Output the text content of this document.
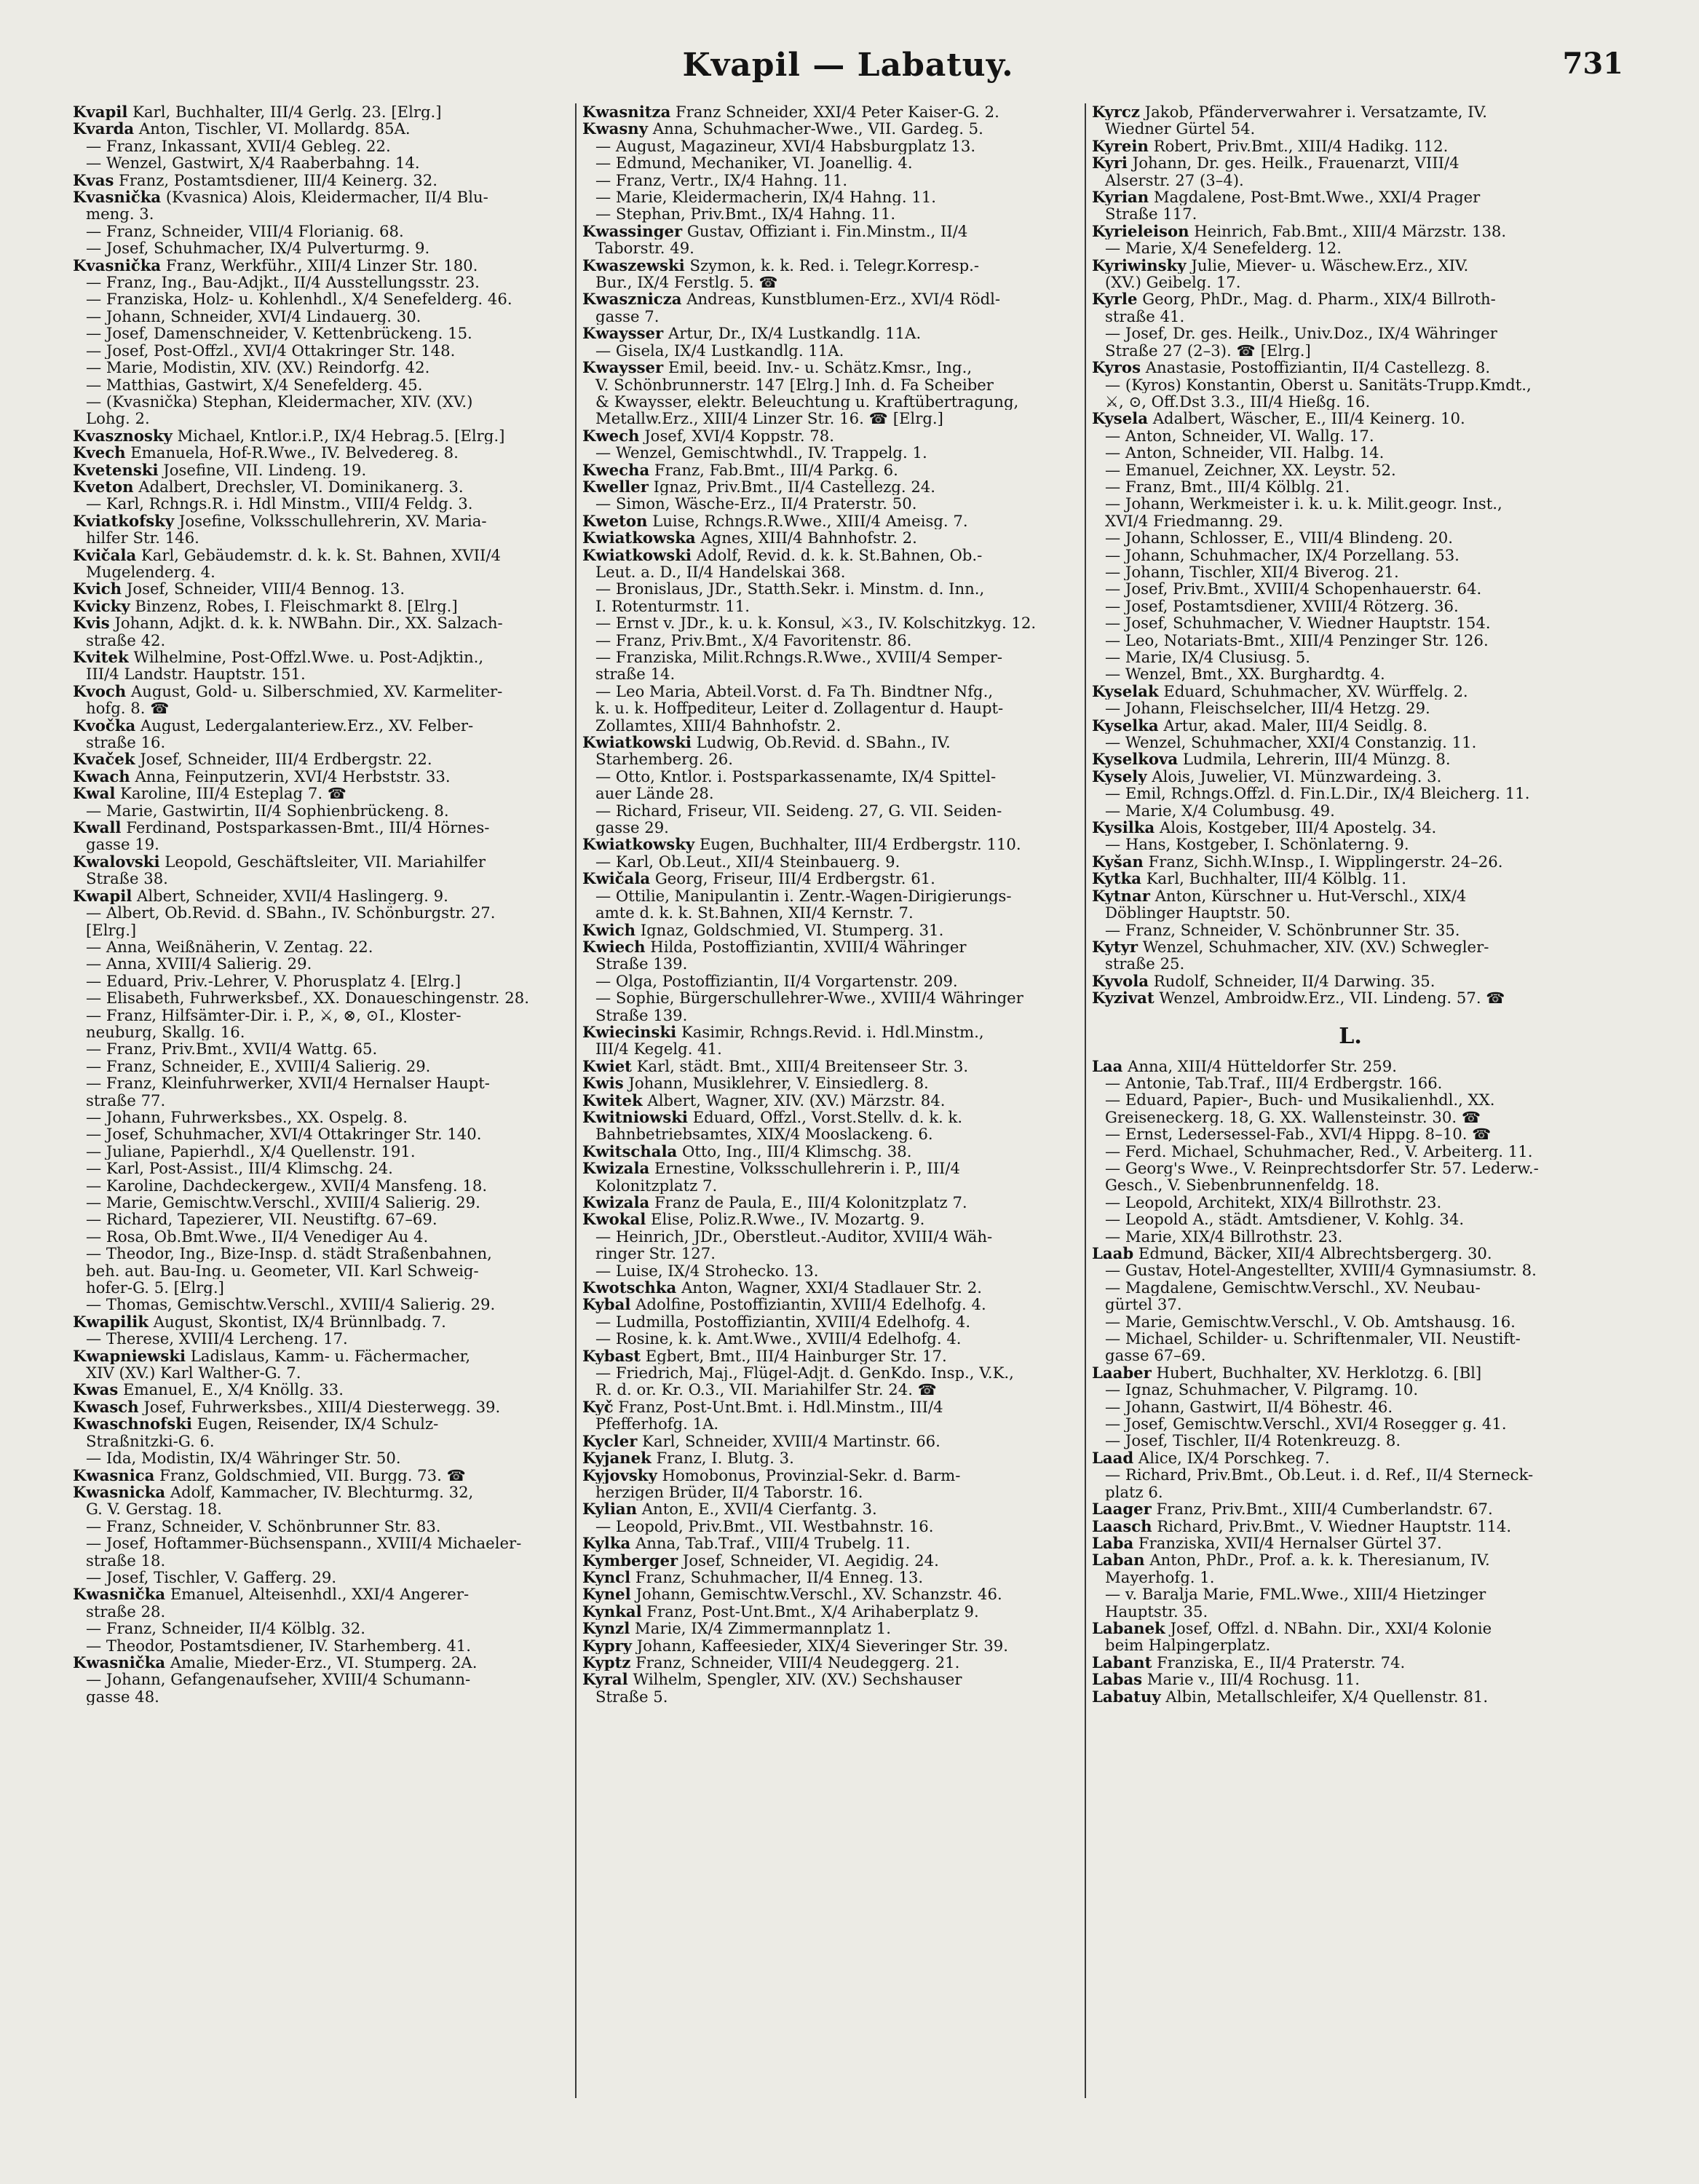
Kvapil — Labatuy.	731
Kvapil Karl, Buchhalter, III/4 Gerlg. 23. [Elrg.]
Kvarda Anton, Tischler, VI. Mollardg. 85A.
— Franz, Inkassant, XVII/4 Gebleg. 22.
— Wenzel, Gastwirt, X/4 Raaberbahng. 14.
Kvas Franz, Postamtsdiener, III/4 Keinerg. 32.
Kvasnička (Kvasnica) Alois, Kleidermacher, II/4 Blu-
meng. 3.
— Franz, Schneider, VIII/4 Florianig. 68.
— Josef, Schuhmacher, IX/4 Pulverturmg. 9.
Kvasnička Franz, Werkführ., XIII/4 Linzer Str. 180.
— Franz, Ing., Bau-Adjkt., II/4 Ausstellungsstr. 23.
— Franziska, Holz- u. Kohlenhdl., X/4 Senefelderg. 46.
— Johann, Schneider, XVI/4 Lindauerg. 30.
— Josef, Damenschneider, V. Kettenbrückeng. 15.
— Josef, Post-Offzl., XVI/4 Ottakringer Str. 148.
— Marie, Modistin, XIV. (XV.) Reindorfg. 42.
— Matthias, Gastwirt, X/4 Senefelderg. 45.
— (Kvasnička) Stephan, Kleidermacher, XIV. (XV.)
Lohg. 2.
Kvasznosky Michael, Kntlor.i.P., IX/4 Hebrag.5. [Elrg.]
Kvech Emanuela, Hof-R.Wwe., IV. Belvedereg. 8.
Kvetenski Josefine, VII. Lindeng. 19.
Kveton Adalbert, Drechsler, VI. Dominikanerg. 3.
— Karl, Rchngs.R. i. Hdl Minstm., VIII/4 Feldg. 3.
Kviatkofsky Josefine, Volksschullehrerin, XV. Maria-
hilfer Str. 146.
Kvičala Karl, Gebäudemstr. d. k. k. St. Bahnen, XVII/4
Mugelenderg. 4.
Kvich Josef, Schneider, VIII/4 Bennog. 13.
Kvicky Binzenz, Robes, I. Fleischmarkt 8. [Elrg.]
Kvis Johann, Adjkt. d. k. k. NWBahn. Dir., XX. Salzach-
straße 42.
Kvitek Wilhelmine, Post-Offzl.Wwe. u. Post-Adjktin.,
III/4 Landstr. Hauptstr. 151.
Kvoch August, Gold- u. Silberschmied, XV. Karmeliter-
hofg. 8. ☎
Kvočka August, Ledergalanteriew.Erz., XV. Felber-
straße 16.
Kvaček Josef, Schneider, III/4 Erdbergstr. 22.
Kwach Anna, Feinputzerin, XVI/4 Herbststr. 33.
Kwal Karoline, III/4 Esteplag 7. ☎
— Marie, Gastwirtin, II/4 Sophienbrückeng. 8.
Kwall Ferdinand, Postsparkassen-Bmt., III/4 Hörnes-
gasse 19.
Kwalovski Leopold, Geschäftsleiter, VII. Mariahilfer
Straße 38.
Kwapil Albert, Schneider, XVII/4 Haslingerg. 9.
— Albert, Ob.Revid. d. SBahn., IV. Schönburgstr. 27.
[Elrg.]
— Anna, Weißnäherin, V. Zentag. 22.
— Anna, XVIII/4 Salierig. 29.
— Eduard, Priv.-Lehrer, V. Phorusplatz 4. [Elrg.]
— Elisabeth, Fuhrwerksbef., XX. Donaueschingenstr. 28.
— Franz, Hilfsämter-Dir. i. P., ⚔, ⊗, ⊙I., Kloster-
neuburg, Skallg. 16.
— Franz, Priv.Bmt., XVII/4 Wattg. 65.
— Franz, Schneider, E., XVIII/4 Salierig. 29.
— Franz, Kleinfuhrwerker, XVII/4 Hernalser Haupt-
straße 77.
— Johann, Fuhrwerksbes., XX. Ospelg. 8.
— Josef, Schuhmacher, XVI/4 Ottakringer Str. 140.
— Juliane, Papierhdl., X/4 Quellenstr. 191.
— Karl, Post-Assist., III/4 Klimschg. 24.
— Karoline, Dachdeckergew., XVII/4 Mansfeng. 18.
— Marie, Gemischtw.Verschl., XVIII/4 Salierig. 29.
— Richard, Tapezierer, VII. Neustiftg. 67–69.
— Rosa, Ob.Bmt.Wwe., II/4 Venediger Au 4.
— Theodor, Ing., Bize-Insp. d. städt Straßenbahnen,
beh. aut. Bau-Ing. u. Geometer, VII. Karl Schweig-
hofer-G. 5. [Elrg.]
— Thomas, Gemischtw.Verschl., XVIII/4 Salierig. 29.
Kwapilik August, Skontist, IX/4 Brünnlbadg. 7.
— Therese, XVIII/4 Lercheng. 17.
Kwapniewski Ladislaus, Kamm- u. Fächermacher,
XIV (XV.) Karl Walther-G. 7.
Kwas Emanuel, E., X/4 Knöllg. 33.
Kwasch Josef, Fuhrwerksbes., XIII/4 Diesterwegg. 39.
Kwaschnofski Eugen, Reisender, IX/4 Schulz-
Straßnitzki-G. 6.
— Ida, Modistin, IX/4 Währinger Str. 50.
Kwasnica Franz, Goldschmied, VII. Burgg. 73. ☎
Kwasnicka Adolf, Kammacher, IV. Blechturmg. 32,
G. V. Gerstag. 18.
— Franz, Schneider, V. Schönbrunner Str. 83.
— Josef, Hoftammer-Büchsenspann., XVIII/4 Michaeler-
straße 18.
— Josef, Tischler, V. Gafferg. 29.
Kwasnička Emanuel, Alteisenhdl., XXI/4 Angerer-
straße 28.
— Franz, Schneider, II/4 Kölblg. 32.
— Theodor, Postamtsdiener, IV. Starhemberg. 41.
Kwasnička Amalie, Mieder-Erz., VI. Stumperg. 2A.
— Johann, Gefangenaufseher, XVIII/4 Schumann-
gasse 48.
Kwasnitza Franz Schneider, XXI/4 Peter Kaiser-G. 2.
Kwasny Anna, Schuhmacher-Wwe., VII. Gardeg. 5.
— August, Magazineur, XVI/4 Habsburgplatz 13.
— Edmund, Mechaniker, VI. Joanellig. 4.
— Franz, Vertr., IX/4 Hahng. 11.
— Marie, Kleidermacherin, IX/4 Hahng. 11.
— Stephan, Priv.Bmt., IX/4 Hahng. 11.
Kwassinger Gustav, Offiziant i. Fin.Minstm., II/4
Taborstr. 49.
Kwaszewski Szymon, k. k. Red. i. Telegr.Korresp.-
Bur., IX/4 Ferstlg. 5. ☎
Kwasznicza Andreas, Kunstblumen-Erz., XVI/4 Rödl-
gasse 7.
Kwaysser Artur, Dr., IX/4 Lustkandlg. 11A.
— Gisela, IX/4 Lustkandlg. 11A.
Kwaysser Emil, beeid. Inv.- u. Schätz.Kmsr., Ing.,
V. Schönbrunnerstr. 147 [Elrg.] Inh. d. Fa Scheiber
& Kwaysser, elektr. Beleuchtung u. Kraftübertragung,
Metallw.Erz., XIII/4 Linzer Str. 16. ☎ [Elrg.]
Kwech Josef, XVI/4 Koppstr. 78.
— Wenzel, Gemischtwhdl., IV. Trappelg. 1.
Kwecha Franz, Fab.Bmt., III/4 Parkg. 6.
Kweller Ignaz, Priv.Bmt., II/4 Castellezg. 24.
— Simon, Wäsche-Erz., II/4 Praterstr. 50.
Kweton Luise, Rchngs.R.Wwe., XIII/4 Ameisg. 7.
Kwiatkowska Agnes, XIII/4 Bahnhofstr. 2.
Kwiatkowski Adolf, Revid. d. k. k. St.Bahnen, Ob.-
Leut. a. D., II/4 Handelskai 368.
— Bronislaus, JDr., Statth.Sekr. i. Minstm. d. Inn.,
I. Rotenturmstr. 11.
— Ernst v. JDr., k. u. k. Konsul, ⚔3., IV. Kolschitzkyg. 12.
— Franz, Priv.Bmt., X/4 Favoritenstr. 86.
— Franziska, Milit.Rchngs.R.Wwe., XVIII/4 Semper-
straße 14.
— Leo Maria, Abteil.Vorst. d. Fa Th. Bindtner Nfg.,
k. u. k. Hoffpediteur, Leiter d. Zollagentur d. Haupt-
Zollamtes, XIII/4 Bahnhofstr. 2.
Kwiatkowski Ludwig, Ob.Revid. d. SBahn., IV.
Starhemberg. 26.
— Otto, Kntlor. i. Postsparkassenamte, IX/4 Spittel-
auer Lände 28.
— Richard, Friseur, VII. Seideng. 27, G. VII. Seiden-
gasse 29.
Kwiatkowsky Eugen, Buchhalter, III/4 Erdbergstr. 110.
— Karl, Ob.Leut., XII/4 Steinbauerg. 9.
Kwičala Georg, Friseur, III/4 Erdbergstr. 61.
— Ottilie, Manipulantin i. Zentr.-Wagen-Dirigierungs-
amte d. k. k. St.Bahnen, XII/4 Kernstr. 7.
Kwich Ignaz, Goldschmied, VI. Stumperg. 31.
Kwiech Hilda, Postoffiziantin, XVIII/4 Währinger
Straße 139.
— Olga, Postoffiziantin, II/4 Vorgartenstr. 209.
— Sophie, Bürgerschullehrer-Wwe., XVIII/4 Währinger
Straße 139.
Kwiecinski Kasimir, Rchngs.Revid. i. Hdl.Minstm.,
III/4 Kegelg. 41.
Kwiet Karl, städt. Bmt., XIII/4 Breitenseer Str. 3.
Kwis Johann, Musiklehrer, V. Einsiedlerg. 8.
Kwitek Albert, Wagner, XIV. (XV.) Märzstr. 84.
Kwitniowski Eduard, Offzl., Vorst.Stellv. d. k. k.
Bahnbetriebsamtes, XIX/4 Mooslackeng. 6.
Kwitschala Otto, Ing., III/4 Klimschg. 38.
Kwizala Ernestine, Volksschullehrerin i. P., III/4
Kolonitzplatz 7.
Kwizala Franz de Paula, E., III/4 Kolonitzplatz 7.
Kwokal Elise, Poliz.R.Wwe., IV. Mozartg. 9.
— Heinrich, JDr., Oberstleut.-Auditor, XVIII/4 Wäh-
ringer Str. 127.
— Luise, IX/4 Strohecko. 13.
Kwotschka Anton, Wagner, XXI/4 Stadlauer Str. 2.
Kybal Adolfine, Postoffiziantin, XVIII/4 Edelhofg. 4.
— Ludmilla, Postoffiziantin, XVIII/4 Edelhofg. 4.
— Rosine, k. k. Amt.Wwe., XVIII/4 Edelhofg. 4.
Kybast Egbert, Bmt., III/4 Hainburger Str. 17.
— Friedrich, Maj., Flügel-Adjt. d. GenKdo. Insp., V.K.,
R. d. or. Kr. O.3., VII. Mariahilfer Str. 24. ☎
Kyč Franz, Post-Unt.Bmt. i. Hdl.Minstm., III/4
Pfefferhofg. 1A.
Kycler Karl, Schneider, XVIII/4 Martinstr. 66.
Kyjanek Franz, I. Blutg. 3.
Kyjovsky Homobonus, Provinzial-Sekr. d. Barm-
herzigen Brüder, II/4 Taborstr. 16.
Kylian Anton, E., XVII/4 Cierfantg. 3.
— Leopold, Priv.Bmt., VII. Westbahnstr. 16.
Kylka Anna, Tab.Traf., VIII/4 Trubelg. 11.
Kymberger Josef, Schneider, VI. Aegidig. 24.
Kyncl Franz, Schuhmacher, II/4 Enneg. 13.
Kynel Johann, Gemischtw.Verschl., XV. Schanzstr. 46.
Kynkal Franz, Post-Unt.Bmt., X/4 Arihaberplatz 9.
Kynzl Marie, IX/4 Zimmermannplatz 1.
Kypry Johann, Kaffeesieder, XIX/4 Sieveringer Str. 39.
Kyptz Franz, Schneider, VIII/4 Neudeggerg. 21.
Kyral Wilhelm, Spengler, XIV. (XV.) Sechshauser
Straße 5.
Kyrcz Jakob, Pfänderverwahrer i. Versatzamte, IV.
Wiedner Gürtel 54.
Kyrein Robert, Priv.Bmt., XIII/4 Hadikg. 112.
Kyri Johann, Dr. ges. Heilk., Frauenarzt, VIII/4
Alserstr. 27 (3–4).
Kyrian Magdalene, Post-Bmt.Wwe., XXI/4 Prager
Straße 117.
Kyrieleison Heinrich, Fab.Bmt., XIII/4 Märzstr. 138.
— Marie, X/4 Senefelderg. 12.
Kyriwinsky Julie, Miever- u. Wäschew.Erz., XIV.
(XV.) Geibelg. 17.
Kyrle Georg, PhDr., Mag. d. Pharm., XIX/4 Billroth-
straße 41.
— Josef, Dr. ges. Heilk., Univ.Doz., IX/4 Währinger
Straße 27 (2–3). ☎ [Elrg.]
Kyros Anastasie, Postoffiziantin, II/4 Castellezg. 8.
— (Kyros) Konstantin, Oberst u. Sanitäts-Trupp.Kmdt.,
⚔, ⊙, Off.Dst 3.3., III/4 Hießg. 16.
Kysela Adalbert, Wäscher, E., III/4 Keinerg. 10.
— Anton, Schneider, VI. Wallg. 17.
— Anton, Schneider, VII. Halbg. 14.
— Emanuel, Zeichner, XX. Leystr. 52.
— Franz, Bmt., III/4 Kölblg. 21.
— Johann, Werkmeister i. k. u. k. Milit.geogr. Inst.,
XVI/4 Friedmanng. 29.
— Johann, Schlosser, E., VIII/4 Blindeng. 20.
— Johann, Schuhmacher, IX/4 Porzellang. 53.
— Johann, Tischler, XII/4 Biverog. 21.
— Josef, Priv.Bmt., XVIII/4 Schopenhauerstr. 64.
— Josef, Postamtsdiener, XVIII/4 Rötzerg. 36.
— Josef, Schuhmacher, V. Wiedner Hauptstr. 154.
— Leo, Notariats-Bmt., XIII/4 Penzinger Str. 126.
— Marie, IX/4 Clusiusg. 5.
— Wenzel, Bmt., XX. Burghardtg. 4.
Kyselak Eduard, Schuhmacher, XV. Würffelg. 2.
— Johann, Fleischselcher, III/4 Hetzg. 29.
Kyselka Artur, akad. Maler, III/4 Seidlg. 8.
— Wenzel, Schuhmacher, XXI/4 Constanzig. 11.
Kyselkova Ludmila, Lehrerin, III/4 Münzg. 8.
Kysely Alois, Juwelier, VI. Münzwardeing. 3.
— Emil, Rchngs.Offzl. d. Fin.L.Dir., IX/4 Bleicherg. 11.
— Marie, X/4 Columbusg. 49.
Kysilka Alois, Kostgeber, III/4 Apostelg. 34.
— Hans, Kostgeber, I. Schönlaterng. 9.
Kyšan Franz, Sichh.W.Insp., I. Wipplingerstr. 24–26.
Kytka Karl, Buchhalter, III/4 Kölblg. 11.
Kytnar Anton, Kürschner u. Hut-Verschl., XIX/4
Döblinger Hauptstr. 50.
— Franz, Schneider, V. Schönbrunner Str. 35.
Kytyr Wenzel, Schuhmacher, XIV. (XV.) Schwegler-
straße 25.
Kyvola Rudolf, Schneider, II/4 Darwing. 35.
Kyzivat Wenzel, Ambroidw.Erz., VII. Lindeng. 57. ☎
L.
Laa Anna, XIII/4 Hütteldorfer Str. 259.
— Antonie, Tab.Traf., III/4 Erdbergstr. 166.
— Eduard, Papier-, Buch- und Musikalienhdl., XX.
Greiseneckerg. 18, G. XX. Wallensteinstr. 30. ☎
— Ernst, Ledersessel-Fab., XVI/4 Hippg. 8–10. ☎
— Ferd. Michael, Schuhmacher, Red., V. Arbeiterg. 11.
— Georg's Wwe., V. Reinprechtsdorfer Str. 57. Lederw.-
Gesch., V. Siebenbrunnenfeldg. 18.
— Leopold, Architekt, XIX/4 Billrothstr. 23.
— Leopold A., städt. Amtsdiener, V. Kohlg. 34.
— Marie, XIX/4 Billrothstr. 23.
Laab Edmund, Bäcker, XII/4 Albrechtsbergerg. 30.
— Gustav, Hotel-Angestellter, XVIII/4 Gymnasiumstr. 8.
— Magdalene, Gemischtw.Verschl., XV. Neubau-
gürtel 37.
— Marie, Gemischtw.Verschl., V. Ob. Amtshausg. 16.
— Michael, Schilder- u. Schriftenmaler, VII. Neustift-
gasse 67–69.
Laaber Hubert, Buchhalter, XV. Herklotzg. 6. [Bl]
— Ignaz, Schuhmacher, V. Pilgramg. 10.
— Johann, Gastwirt, II/4 Böhestr. 46.
— Josef, Gemischtw.Verschl., XVI/4 Rosegger g. 41.
— Josef, Tischler, II/4 Rotenkreuzg. 8.
Laad Alice, IX/4 Porschkeg. 7.
— Richard, Priv.Bmt., Ob.Leut. i. d. Ref., II/4 Sterneck-
platz 6.
Laager Franz, Priv.Bmt., XIII/4 Cumberlandstr. 67.
Laasch Richard, Priv.Bmt., V. Wiedner Hauptstr. 114.
Laba Franziska, XVII/4 Hernalser Gürtel 37.
Laban Anton, PhDr., Prof. a. k. k. Theresianum, IV.
Mayerhofg. 1.
— v. Baralja Marie, FML.Wwe., XIII/4 Hietzinger
Hauptstr. 35.
Labanek Josef, Offzl. d. NBahn. Dir., XXI/4 Kolonie
beim Halpingerplatz.
Labant Franziska, E., II/4 Praterstr. 74.
Labas Marie v., III/4 Rochusg. 11.
Labatuy Albin, Metallschleifer, X/4 Quellenstr. 81.
